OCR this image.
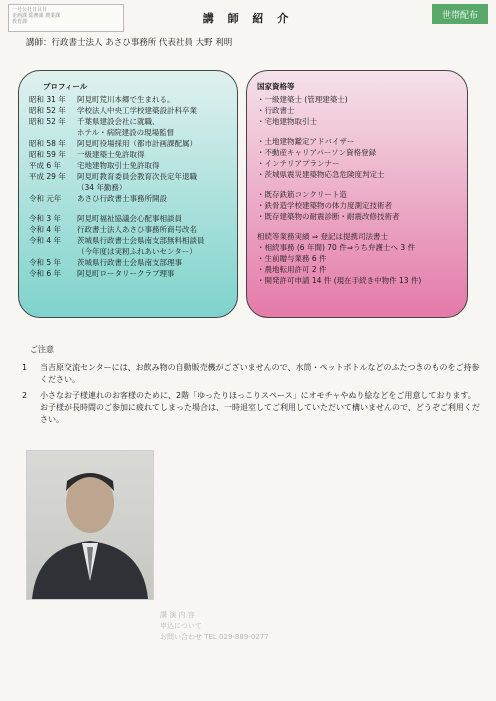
一号公社日目目
企画課 総務課 農業課
教育課
世帯配布
講 師 紹 介
講師：行政書士法人 あさひ事務所 代表社員 大野 利明
プロフィール
昭和 31 年	阿見町荒川本郷で生まれる。
昭和 52 年	学校法人中央工学校建築設計科卒業
昭和 52 年	千葉県建設会社に就職、
ホテル・病院建設の現場監督
昭和 58 年	阿見町役場採用（都市計画課配属）
昭和 59 年	一級建築士免許取得
平成 6 年	宅地建物取引士免許取得
平成 29 年	阿見町教育委員会教育次長定年退職
（34 年勤務）
令和 元年	あさひ行政書士事務所開設
令和 3 年	阿見町福祉協議会心配事相談員
令和 4 年	行政書士法人あさひ事務所商号改名
令和 4 年	茨城県行政書士会県南支部無料相談員
（今年度は実籾ふれあいセンター）
令和 5 年	茨城県行政書士会県南支部理事
令和 6 年	阿見町ロータリークラブ理事
国家資格等
・一級建築士 (管理建築士)
・行政書士
・宅地建物取引士
・土地建物鑑定アドバイザー
・不動産キャリアパーソン資格登録
・インテリアプランナー
・茨城県震災建築物応急危険度判定士
・既存鉄筋コンクリート造
・鉄骨造学校建築物の体力度測定技術者
・既存建築物の耐震診断・耐震改修技術者
相続等業務実績 ⇒ 登記は提携司法書士
・相続事務 (6 年間) 70 件⇒うち弁護士へ 3 件
・生前贈与業務 6 件
・農地転用許可 2 件
・開発許可申請 14 件 (現在手続き中物件 13 件)
ご注意
1	当吉原交流センターには、お飲み物の自動販売機がございませんので、水筒・ペットボトルなどのふたつきのものをご持参ください。
2	小さなお子様連れのお客様のために、2階「ゆったりほっこりスペース」にオモチャやぬり絵などをご用意しております。お子様が長時間のご参加に疲れてしまった場合は、一時退室してご利用していただいて構いませんので、どうぞご利用ください。
講 演 内 容
申込について
お問い合わせ TEL 029-889-0277
